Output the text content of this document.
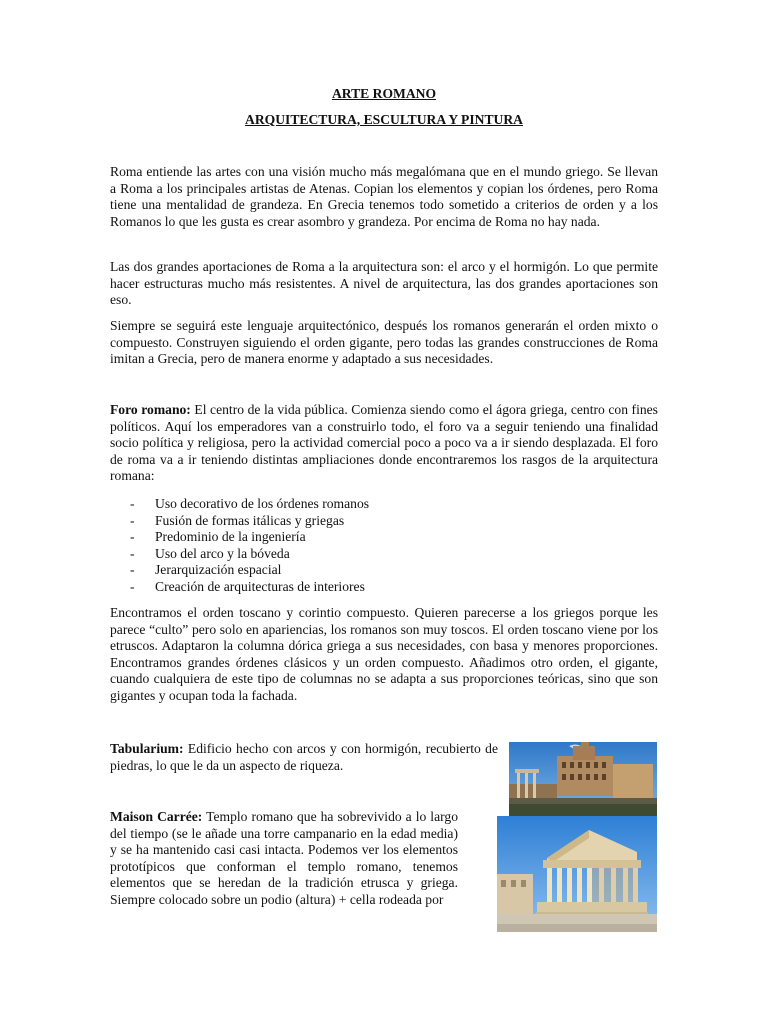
ARTE ROMANO
ARQUITECTURA, ESCULTURA Y PINTURA

Roma entiende las artes con una visión mucho más megalómana que en el mundo griego. Se llevan a Roma a los principales artistas de Atenas. Copian los elementos y copian los órdenes, pero Roma tiene una mentalidad de grandeza. En Grecia tenemos todo sometido a criterios de orden y a los Romanos lo que les gusta es crear asombro y grandeza. Por encima de Roma no hay nada.

Las dos grandes aportaciones de Roma a la arquitectura son: el arco y el hormigón. Lo que permite hacer estructuras mucho más resistentes. A nivel de arquitectura, las dos grandes aportaciones son eso.

Siempre se seguirá este lenguaje arquitectónico, después los romanos generarán el orden mixto o compuesto. Construyen siguiendo el orden gigante, pero todas las grandes construcciones de Roma imitan a Grecia, pero de manera enorme y adaptado a sus necesidades.

Foro romano: El centro de la vida pública. Comienza siendo como el ágora griega, centro con fines políticos. Aquí los emperadores van a construirlo todo, el foro va a seguir teniendo una finalidad socio política y religiosa, pero la actividad comercial poco a poco va a ir siendo desplazada. El foro de roma va a ir teniendo distintas ampliaciones donde encontraremos los rasgos de la arquitectura romana:

- Uso decorativo de los órdenes romanos
- Fusión de formas itálicas y griegas
- Predominio de la ingeniería
- Uso del arco y la bóveda
- Jerarquización espacial
- Creación de arquitecturas de interiores

Encontramos el orden toscano y corintio compuesto. Quieren parecerse a los griegos porque les parece “culto” pero solo en apariencias, los romanos son muy toscos. El orden toscano viene por los etruscos. Adaptaron la columna dórica griega a sus necesidades, con basa y menores proporciones. Encontramos grandes órdenes clásicos y un orden compuesto. Añadimos otro orden, el gigante, cuando cualquiera de este tipo de columnas no se adapta a sus proporciones teóricas, sino que son gigantes y ocupan toda la fachada.

Tabularium: Edificio hecho con arcos y con hormigón, recubierto de piedras, lo que le da un aspecto de riqueza.

Maison Carrée: Templo romano que ha sobrevivido a lo largo del tiempo (se le añade una torre campanario en la edad media) y se ha mantenido casi casi intacta. Podemos ver los elementos prototípicos que conforman el templo romano, tenemos elementos que se heredan de la tradición etrusca y griega. Siempre colocado sobre un podio (altura) + cella rodeada por
